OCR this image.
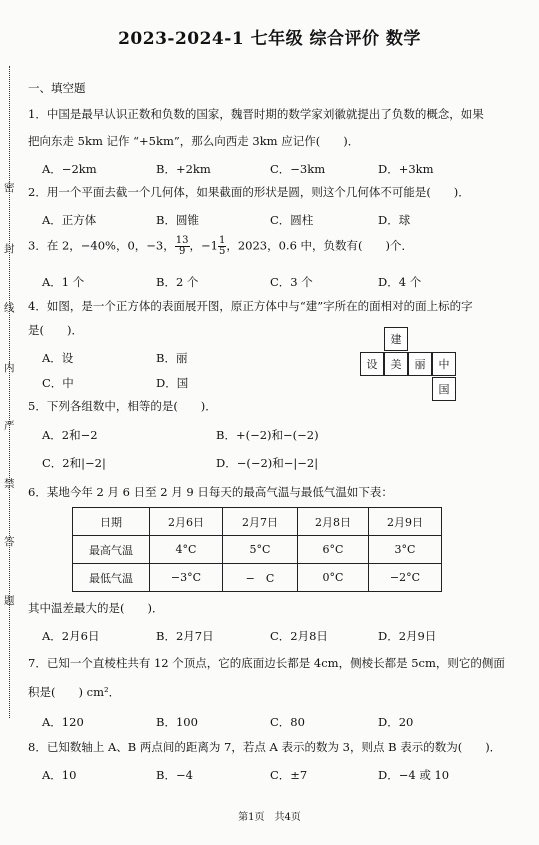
2023-2024-1 七年级 综合评价 数学
密
封
线
内
严
禁
答
题
一、填空题
1．中国是最早认识正数和负数的国家，魏晋时期的数学家刘徽就提出了负数的概念，如果
把向东走 5km 记作 “+5km”，那么向西走 3km 应记作(　　)．
A．−2km	B．+2km	C．−3km	D．+3km
2．用一个平面去截一个几何体，如果截面的形状是圆，则这个几何体不可能是(　　)．
A．正方体	B．圆锥	C．圆柱	D．球
3．在 2，−40%，0，−3， $\frac{13}{9}$ ，$-1 \frac{1}{5}$ ，2023，0.6 中，负数有(　　)个．
A．1 个	B．2 个	C．3 个	D．4 个
4．如图，是一个正方体的表面展开图，原正方体中与“建”字所在的面相对的面上标的字
是(　　)．
A．设	B．丽
C．中	D．国
建
设	美	丽	中
国
5．下列各组数中，相等的是(　　)．
A．2和−2	B．+(−2)和−(−2)
C．2和|−2|	D．−(−2)和−|−2|
6．某地今年 2 月 6 日至 2 月 9 日每天的最高气温与最低气温如下表：
日期	2月6日	2月7日	2月8日	2月9日
最高气温	4°C	5°C	6°C	3°C
最低气温	−3°C	−　C	0°C	−2°C
其中温差最大的是(　　)．
A．2月6日	B．2月7日	C．2月8日	D．2月9日
7．已知一个直棱柱共有 12 个顶点，它的底面边长都是 4cm，侧棱长都是 5cm，则它的侧面
积是(　　) cm²．
A．120	B．100	C．80	D．20
8．已知数轴上 A、B 两点间的距离为 7，若点 A 表示的数为 3，则点 B 表示的数为(　　)．
A．10	B．−4	C．±7	D．−4 或 10
第1页　共4页
